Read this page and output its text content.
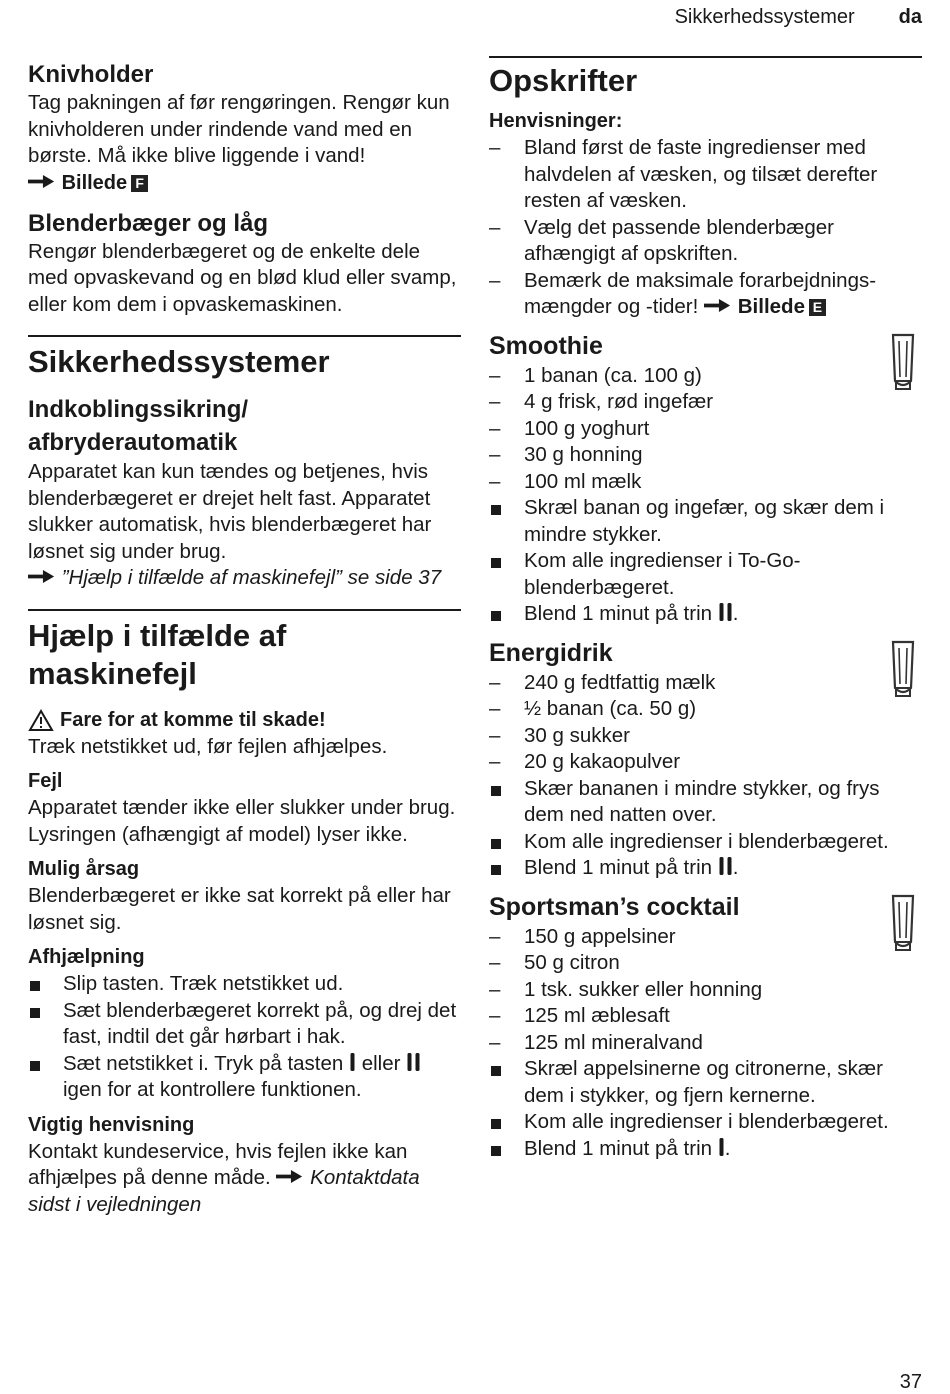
Sikkerhedssystemer da
Knivholder

Tag pakningen af før rengøringen. Rengør kun knivholderen under rindende vand med en børste. Må ikke blive liggende i vand!

Billede F
Blenderbæger og låg

Rengør blenderbægeret og de enkelte dele med opvaskevand og en blød klud eller svamp, eller kom dem i opvaskemaskinen.

Sikkerhedssystemer
Indkoblingssikring/ afbryderautomatik

Apparatet kan kun tændes og betjenes, hvis blenderbægeret er drejet helt fast. Apparatet slukker automatisk, hvis blenderbægeret har løsnet sig under brug.

”Hjælp i tilfælde af maskinefejl” se side 37

Hjælp i tilfælde af maskinefejl
Fare for at komme til skade!

Træk netstikket ud, før fejlen afhjælpes.

Fejl

Apparatet tænder ikke eller slukker under brug. Lysringen (afhængigt af model) lyser ikke.

Mulig årsag

Blenderbægeret er ikke sat korrekt på eller har løsnet sig.

Afhjælpning
Slip tasten. Træk netstikket ud.
Sæt blenderbægeret korrekt på, og drej det fast, indtil det går hørbart i hak.
Sæt netstikket i. Tryk på tasten eller  igen for at kontrollere funktionen.
Vigtig henvisning

Kontakt kundeservice, hvis fejlen ikke kan afhjælpes på denne måde. Kontaktdata sidst i vejledningen

Opskrifter
Henvisninger:
–	Bland først de faste ingredienser med halvdelen af væsken, og tilsæt derefter resten af væsken.
–	Vælg det passende blenderbæger afhængigt af opskriften.
–	Bemærk de maksimale forarbejdnings-mængder og -tider! Billede E
Smoothie
–	1 banan (ca. 100 g)
–	4 g frisk, rød ingefær
–	100 g yoghurt
–	30 g honning
–	100 ml mælk
Skræl banan og ingefær, og skær dem i mindre stykker.
Kom alle ingredienser i To-Go-blenderbægeret.
Blend 1 minut på trin .
Energidrik
–	240 g fedtfattig mælk
–	½ banan (ca. 50 g)
–	30 g sukker
–	20 g kakaopulver
Skær bananen i mindre stykker, og frys dem ned natten over.
Kom alle ingredienser i blenderbægeret.
Blend 1 minut på trin .
Sportsman’s cocktail
–	150 g appelsiner
–	50 g citron
–	1 tsk. sukker eller honning
–	125 ml æblesaft
–	125 ml mineralvand
Skræl appelsinerne og citronerne, skær dem i stykker, og fjern kernerne.
Kom alle ingredienser i blenderbægeret.
Blend 1 minut på trin .
37
